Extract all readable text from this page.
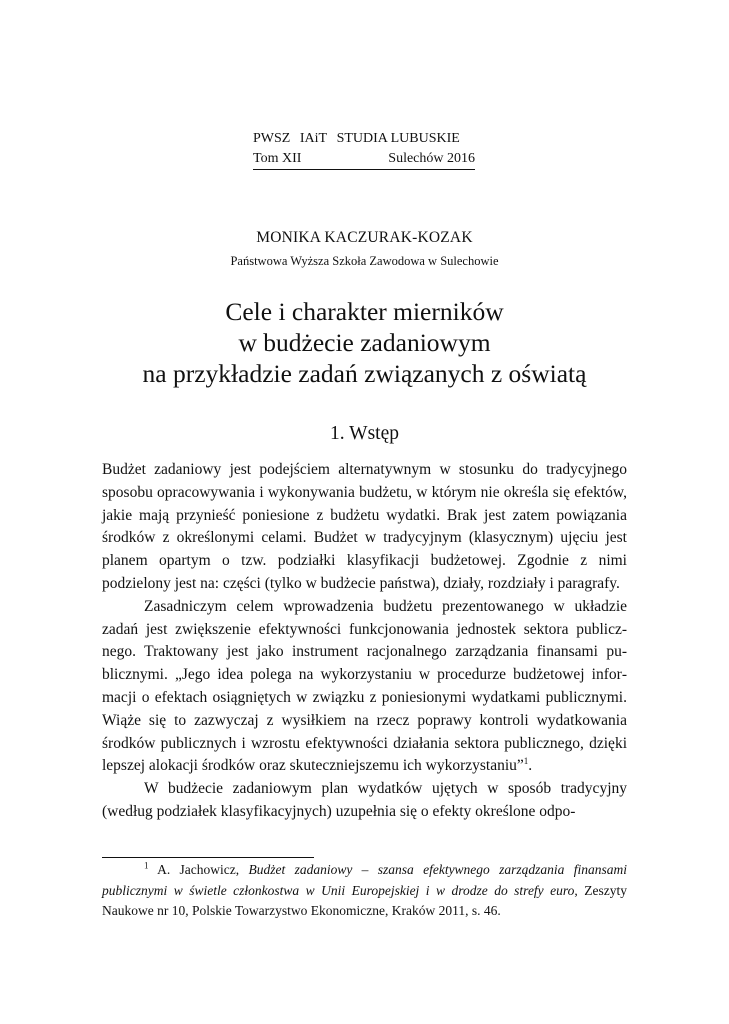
PWSZ IAiT STUDIA LUBUSKIE
Tom XII	Sulechów 2016
MONIKA KACZURAK-KOZAK
Państwowa Wyższa Szkoła Zawodowa w Sulechowie
Cele i charakter mierników
w budżecie zadaniowym
na przykładzie zadań związanych z oświatą
1. Wstęp

Budżet zadaniowy jest podejściem alternatywnym w stosunku do tradycyjnego sposobu opracowywania i wykonywania budżetu, w którym nie określa się efektów, jakie mają przynieść poniesione z budżetu wydatki. Brak jest zatem powiązania środków z określonymi celami. Budżet w tradycyjnym (klasycznym) ujęciu jest planem opartym o tzw. podziałki klasyfikacji budżetowej. Zgodnie z nimi podzielony jest na: części (tylko w budżecie państwa), działy, rozdziały i paragrafy.

Zasadniczym celem wprowadzenia budżetu prezentowanego w układzie zadań jest zwiększenie efektywności funkcjonowania jednostek sektora publicznego. Traktowany jest jako instrument racjonalnego zarządzania finansami publicznymi. „Jego idea polega na wykorzystaniu w procedurze budżetowej informacji o efektach osiągniętych w związku z poniesionymi wydatkami publicznymi. Wiąże się to zazwyczaj z wysiłkiem na rzecz poprawy kontroli wydatkowania środków publicznych i wzrostu efektywności działania sektora publicznego, dzięki lepszej alokacji środków oraz skuteczniejszemu ich wykorzystaniu”$^1$.

W budżecie zadaniowym plan wydatków ujętych w sposób tradycyjny (według podziałek klasyfikacyjnych) uzupełnia się o efekty określone odpo-

$^1$ A. Jachowicz, Budżet zadaniowy – szansa efektywnego zarządzania finansami publicznymi w świetle członkostwa w Unii Europejskiej i w drodze do strefy euro, Zeszyty Naukowe nr 10, Polskie Towarzystwo Ekonomiczne, Kraków 2011, s. 46.
